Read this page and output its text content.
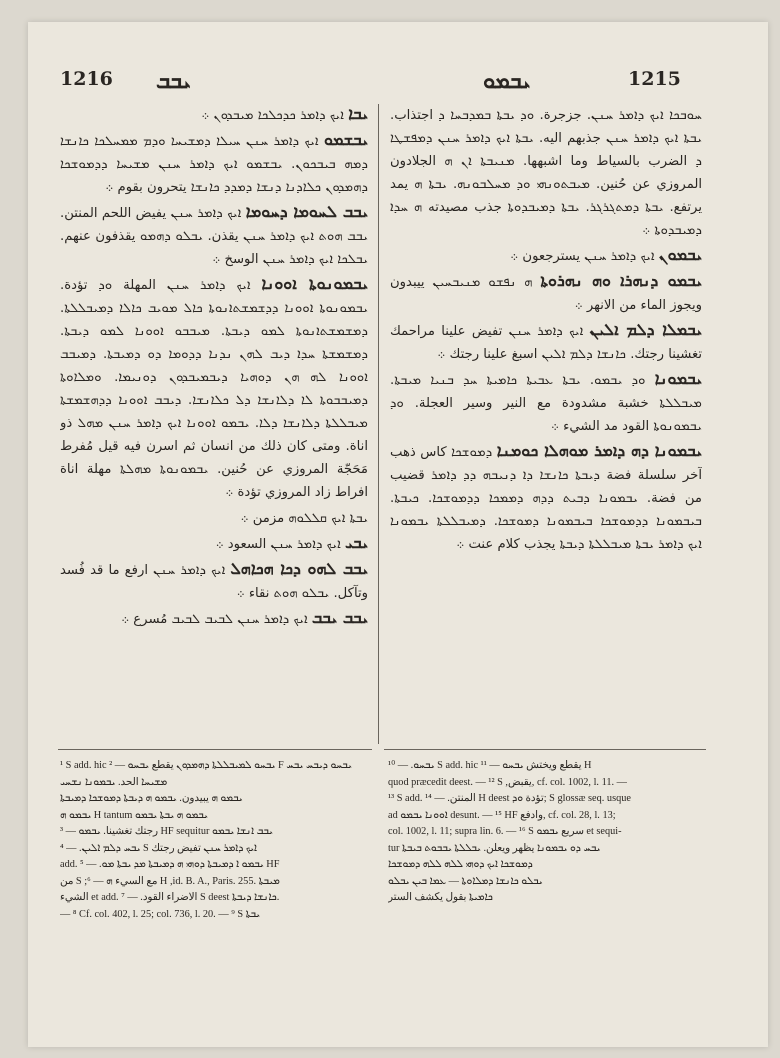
1216 ܝܒܒ	ܝܒܡܘ	1215

ܝܒܐ ܐܝܟ ܕܐܡܪ ܟܕܟܠܟܐ ܡܝܒܕܘܢ ܀

ܝܒܫܡܘ ܐܝܟ ܕܐܡܪ ܚܢܢ ܚܝܠܐ ܕܡܫܝܚܐ ܘܕܡ ܡܡܚܠܟܐ ܟܐܢܫܐ ܕܡܗ ܒܝܒܟܘܢ. ܝܒܫܡܘ ܐܝܟ ܕܐܡܪ ܚܢܢ ܡܫܝܚܐ ܕܕܡܘܫܟܐ ܕܗܡܕܘܢ ܟܠܐܕܢܐ ܕܢܫܐ ܕܡܕܕ ܟܐܢܫܐ يتحرون بقوم ܀

ܝܒܒ ܠܚܘܡܐ ܕܚܘܡܐ ܐܝܟ ܕܐܡܪ ܚܢܢ يفيض اللحم المنتن. ܝܒܒ ܗܘܬ ܐܝܟ ܕܐܡܪ ܚܢܢ يقذن. ܝܒܠܘ ܕܗܡܘ يقذفون عنهم. ܝܒܠܟܐ ܐܝܟ ܕܐܡܪ ܚܢܢ الوسخ ܀

ܝܒܡܘܢܘܬܐ ܐܘܘܢܐ ܐܝܟ ܕܐܡܪ ܚܢܢ المهلة ܘܕ تؤدة. ܝܒܡܘܢܘܬܐ ܐܘܘܢܐ ܕܕܫܡܫܬܐܢܘܬܐ ܟܐܠ ܡܘܝܒ ܟܐܠܐ ܕܡܝܒܠܠܬܐ. ܕܡܫܡܫܬܐܢܘܬܐ ܠܡܘ ܕܝܒܬܐ. ܡܝܒܒܘ ܐܘܘܢܐ ܠܡܘ ܕܝܒܬܐ. ܕܡܫܡܫܬܐ ܚܕܐ ܕܝܒ ܠܗܢ ܢܕܢܐ ܕܕܘܡܐ ܕܘ ܕܡܝܒܬܐ. ܕܡܝܒܒ ܐܘܘܢܐ ܠܗ ܗܢ ܕܘܗܝܐ ܕܝܒܡܝܒܕܘܢ ܕܘܢܝܡܐ. ܘܡܠܐܘܬܐ ܕܡܝܒܒܘܬܐ ܠܐ ܕܠܐܢܫܐ ܕܠ ܟܠܐܢܫܐ. ܕܝܒܒ ܐܘܘܢܐ ܕܕܗܫܡܫܬܐ ܡܝܒܠܠܬܐ ܕܠܐܢܫܐ ܕܠܐ. ܝܒܡܘ ܐܘܘܢܐ ܐܝܟ ܕܐܡܪ ܚܢܢ ܡܗܠ ذو اناة. ومتى كان ذلك من انسان ثم اسرن فيه قيل مُفرط مَحَجّة المروزي عن حُنين. ܝܒܡܘܢܘܬܐ ܡܗܠܬܐ مهلة اناة افراط زاد المروزي تؤدة ܀

ܝܒܬܐ ܐܝܟ ܩܠܠܘܗ مزمن ܀

ܝܒܝ ܐܝܟ ܕܐܡܪ ܚܢܢ السعود ܀

ܝܒܒ ܠܗܘ ܕܟܐ ܗܟܐܗܠ ܐܝܟ ܕܐܡܪ ܚܢܢ ارفع ما قد فُسد وتآكل. ܝܒܠܘ ܗܘܬ نقاء ܀

ܝܒܒ ܝܒܒ ܐܝܟ ܕܐܡܪ ܚܢܢ ܠܒܝܒ ܠܒܝܒ مُسرع ܀

ܚܘܒܟܐ ܐܝܟ ܕܐܡܪ ܚܢܢ. جزجرة. ܘܕ ܝܒܬܐ ܒܡܕܒܚܐ ܕ اجتذاب. ܝܒܬܐ ܐܝܟ ܕܐܡܪ ܚܢܢ جذبهم اليه. ܝܒܬܐ ܐܝܟ ܕܐܡܪ ܚܢܢ ܕܡܦܫܛܐ ܕ الضرب بالسياط وما اشبهها. ܡܢܝܒܬܐ ܐܢ ܗ الجلادون المروزي عن حُنين. ܡܝܒܬܘܢܗܝ ܘܕ ܡܚܠܒܘܢܗ. ܝܒܬܐ ܗ يمد يرتفع. ܝܒܬܐ ܕܡܬܓܪܓܪ. ܝܒܬܐ ܕܡܝܒܕܘܬܐ جذب مصيدته ܗ ܚܕܐ ܕܡܝܒܕܘܬܐ ܀

ܝܒܡܘܢ ܐܝܟ ܕܐܡܪ ܚܢܢ يسترجعون ܀

ܝܒܡܘ ܕܢܗܪܐ ܘܗ ܢܗܪܘܬܐ ܗ ܢܦܫܘ ܡܢܝܒܚܝܢ ييبدون ويجوز الماء من الانهر ܀

ܝܒܡܠܐ ܕܠܡ ܐܠܝܢ ܐܝܟ ܕܐܡܪ ܚܢܢ تفيض علينا مراحمك تغشينا رجتك. ܟܐܢܫܐ ܕܠܡ ܐܠܝܢ اسبغ علينا رجتك ܀

ܝܒܡܘܢܐ ܘܕ ܝܒܡܘ. ܝܒܬܐ ܥܒܝܬܐ ܟܐܡܝܬܐ ܚܕ ܒܢܝܐ ܡܝܒܬܐ. ܡܝܒܠܠܬܐ خشبة مشدودة مع النير وسير العجلة. ܘܕ ܝܒܡܘܢܘܬܐ القود مد الشيء ܀

ܝܒܡܘܢܐ ܕܗ ܕܐܡܪ ܡܘܗܠܐ ܟܘܡܢܐ ܕܡܘܫܟܐ كاس ذهب آخر سلسلة فضة ܕܝܒܬܐ ܟܐܢܫܐ ܕܐ ܕܢܝܒܗ ܕܕ ܕܐܡܪ قضيب من فضة. ܝܒܡܘܢܐ ܕܒܝܬ ܕܕܗ ܕܡܡܟܐ ܕܕܡܘܫܟܐ. ܟܝܒܬܐ. ܒܝܒܡܘܢܐ ܕܕܡܘܫܟܐ ܒܝܒܡܘܢܐ ܕܡܘܫܟܐ. ܕܡܝܒܠܠܬܐ ܝܒܡܘܢܐ ܐܝܟ ܕܐܡܪ ܝܒܬܐ ܡܝܒܠܠܬܐ ܕܝܒܬܐ يجذب كلام عنت ܀

¹ S add. hic ܝܒܚܘ ܠܡܝܒܠܠܬܐ ܕܗܡܕܘܢ يقطع ܝܒܚܘ — ² F ܝܒܚܘ ܕܝܒܚ ܝܒܚ ܡܫܝܚܐ الحد. ܝܒܡܘܢܐ ܢܫܚܝ
ܝܒܡܘ ܗ يبيدون. ܝܒܡܘ ܗ ܕܝܒܬܐ ܕܡܘܫܟܐ ܕܡܝܒܬܐ
ܝܒܡܘ ܗ H tantum ܝܒܡܘ ܗ ܝܒܬܐ ܝܒܡܘ
رجتك تغشينا. ܝܒܡܘ — ³ HF sequitur ܝܒܒ ܐܢܫܐ ܝܒܡܘ
ܝܒܚ ܕܠܡ ܐܠܝܢ. — ⁴ S ܐܝܟ ܕܐܡܪ ܚܢܢ تفيض رجتك
add. ܝܒܡܘ ܐ ܕܡܝܒܬܐ ܕܘܗܝ ܗ ܕܡܝܒܬܐ ܡܕ ܝܒܬܐ ܡܘ. — ⁵ HF
من S ;مع السيء ܗ — ⁶ H ,id. B. A., Paris. 255. ܡܝܒܬܐ
الشيء et add. الاضراء القود. — ⁷ S deest ܟܐܢܫܐ ܕܝܒܬܐ.
— ⁸ Cf. col. 402, l. 25; col. 736, l. 20. — ⁹ S ܝܒܬܐ
ܝܒܚܘ. — ¹⁰ S add. hic يقطع ويختش ܝܒܚܘ — ¹¹ H
quod præcedit deest. — ¹² S ,يقبض, cf. col. 1002, l. 11. —
¹³ S add. المنتن. — ¹⁴ H deest تؤدة ܘܕ; S glossæ seq. usque
ad ܐܘܘܢܐ ܝܒܡܘ desunt. — ¹⁵ HF وادفع, cf. col. 28, l. 13;
col. 1002, l. 11; supra lin. 6. — ¹⁶ S سريع ܝܒܡܘ et sequi-
tur ܝܒܚ ܕܘ ܝܒܡܘܢܐ يظهر ويعلن. ܝܒܠܠܬܐ ܝܒܒܘܬ ܒܝܒܬܐ
ܕܡܘܫܟܐ ܐܝܟ ܕܘܗܝ ܠܠܗ ܠܠܗ ܕܡܘܫܟܐ
ܝܒܠܘ ܟܐܢܫܐ ܕܡܠܐܘܬܐ — ܥܡܐ ܒܝܢ ܝܒܠܘ
ܟܐܡܝܬܐ بقول يكشف الستر
